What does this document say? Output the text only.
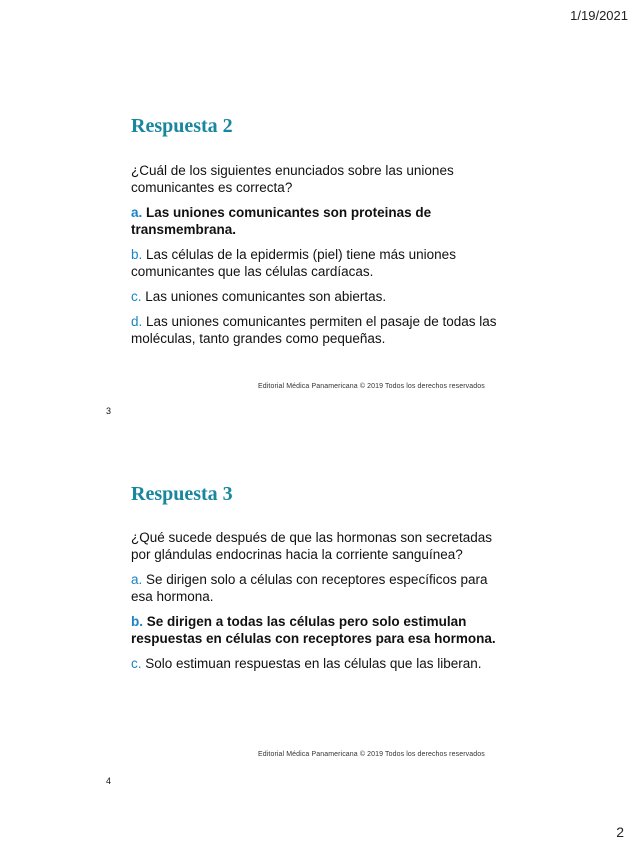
1/19/2021
Respuesta 2

¿Cuál de los siguientes enunciados sobre las uniones comunicantes es correcta?

a. Las uniones comunicantes son proteinas de transmembrana.

b. Las células de la epidermis (piel) tiene más uniones comunicantes que las células cardíacas.

c. Las uniones comunicantes son abiertas.

d. Las uniones comunicantes permiten el pasaje de todas las moléculas, tanto grandes como pequeñas.

Editorial Médica Panamericana © 2019 Todos los derechos reservados
3
Respuesta 3

¿Qué sucede después de que las hormonas son secretadas por glándulas endocrinas hacia la corriente sanguínea?

a. Se dirigen solo a células con receptores específicos para esa hormona.

b. Se dirigen a todas las células pero solo estimulan respuestas en células con receptores para esa hormona.

c. Solo estimuan respuestas en las células que las liberan.

Editorial Médica Panamericana © 2019 Todos los derechos reservados
4
2
